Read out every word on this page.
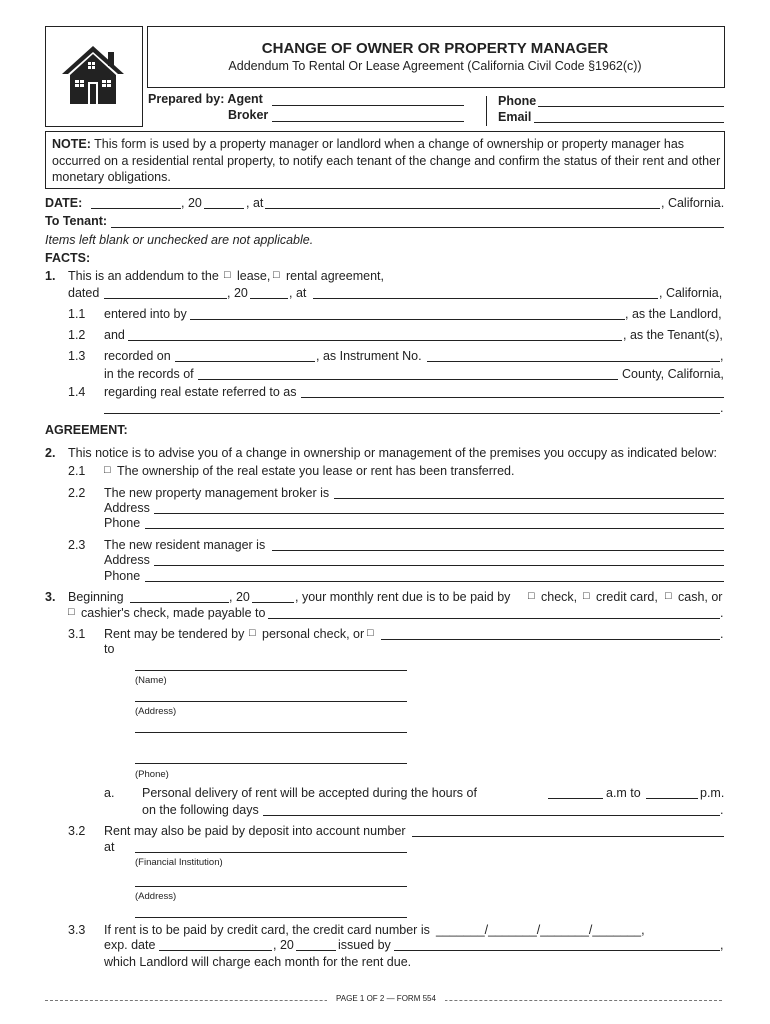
CHANGE OF OWNER OR PROPERTY MANAGER
Addendum To Rental Or Lease Agreement (California Civil Code §1962(c))
Prepared by: Agent
Broker
Phone
Email
NOTE: This form is used by a property manager or landlord when a change of ownership or property manager has
occurred on a residential rental property, to notify each tenant of the change and confirm the status of their rent and other
monetary obligations.
DATE:	, 20	, at	, California.
To Tenant:
Items left blank or unchecked are not applicable.
FACTS:
1. This is an addendum to the □ lease, □ rental agreement,
dated	, 20	, at	, California,
1.1 entered into by	, as the Landlord,
1.2 and	, as the Tenant(s),
1.3 recorded on	, as Instrument No.	,
in the records of	County, California,
1.4 regarding real estate referred to as
.
AGREEMENT:
2. This notice is to advise you of a change in ownership or management of the premises you occupy as indicated below:
2.1 □ The ownership of the real estate you lease or rent has been transferred.
2.2 The new property management broker is
Address
Phone
2.3 The new resident manager is
Address
Phone
3. Beginning	, 20	, your monthly rent due is to be paid by □ check, □ credit card, □ cash, or
□ cashier's check, made payable to	.
3.1 Rent may be tendered by □ personal check, or □	.
to
(Name)
(Address)
(Phone)
a. Personal delivery of rent will be accepted during the hours of	a.m to	p.m.
on the following days	.
3.2 Rent may also be paid by deposit into account number
at
(Financial Institution)
(Address)
3.3 If rent is to be paid by credit card, the credit card number is _______/_______/_______/_______,
exp. date	, 20	issued by	,
which Landlord will charge each month for the rent due.
PAGE 1 OF 2 — FORM 554
